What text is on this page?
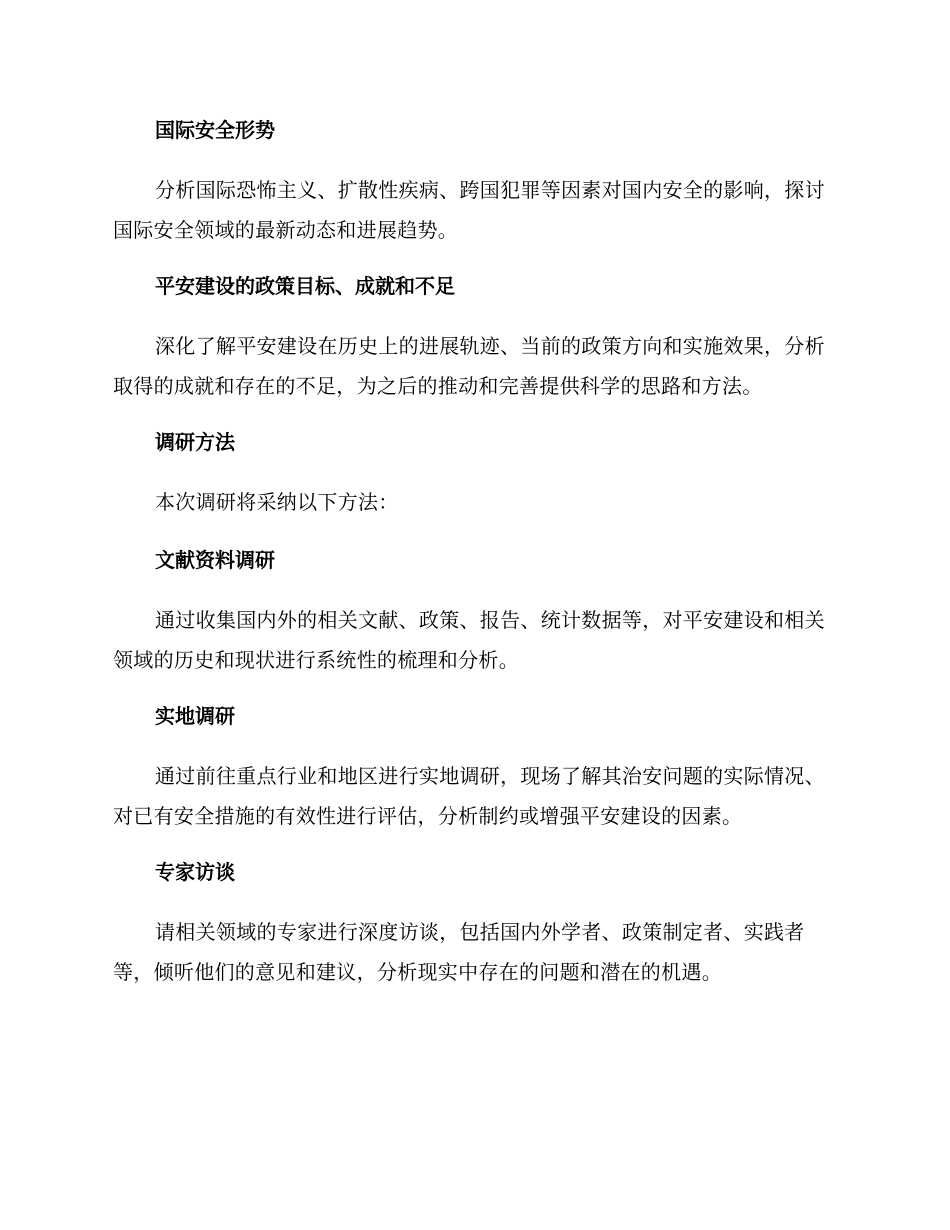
国际安全形势
分析国际恐怖主义、扩散性疾病、跨国犯罪等因素对国内安全的影响，探讨国际安全领域的最新动态和进展趋势。
平安建设的政策目标、成就和不足
深化了解平安建设在历史上的进展轨迹、当前的政策方向和实施效果，分析取得的成就和存在的不足，为之后的推动和完善提供科学的思路和方法。
调研方法
本次调研将采纳以下方法：
文献资料调研
通过收集国内外的相关文献、政策、报告、统计数据等，对平安建设和相关领域的历史和现状进行系统性的梳理和分析。
实地调研
通过前往重点行业和地区进行实地调研，现场了解其治安问题的实际情况、对已有安全措施的有效性进行评估，分析制约或增强平安建设的因素。
专家访谈
请相关领域的专家进行深度访谈，包括国内外学者、政策制定者、实践者等，倾听他们的意见和建议，分析现实中存在的问题和潜在的机遇。
